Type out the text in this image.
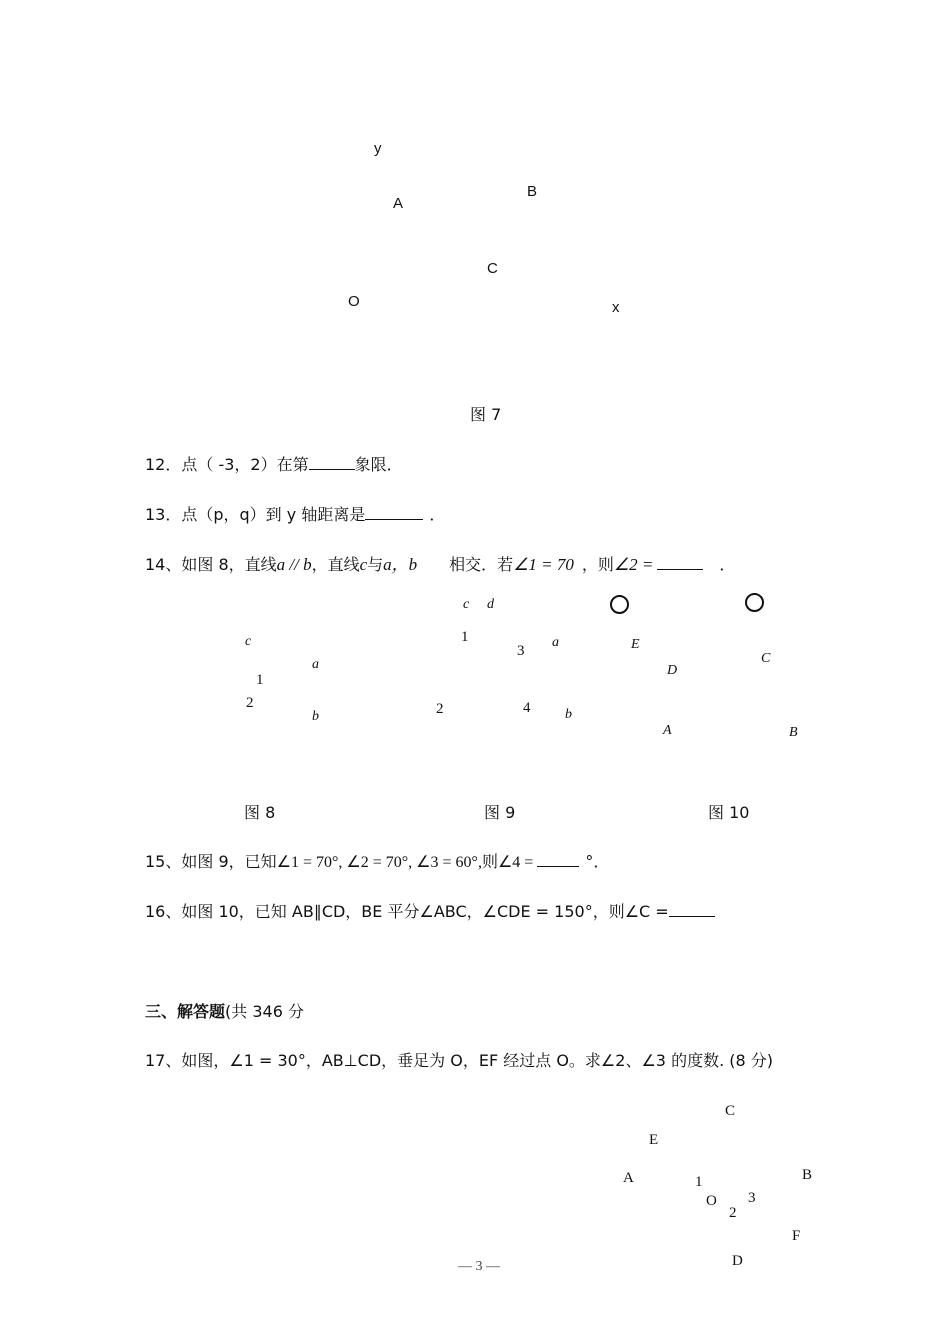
y
A
B
C
O	x
图 7
12．点（ -3，2）在第	象限．
13．点（p，q）到 y 轴距离是	．
14、如图 8，直线a // b，直线c与a，b 相交．若∠1 = 70 ，则∠2 =	．
c
a
1
2
b
图 8
c d
1
3
a
2	4 b
图 9
E
D
C
A	B
图 10
15、如图 9，已知∠1 = 70°, ∠2 = 70°, ∠3 = 60°,则∠4 =	°．
16、如图 10，已知 AB∥CD，BE 平分∠ABC，∠CDE = 150°，则∠C =
三、解答题(共 346 分
17、如图，∠1 = 30°，AB⊥CD，垂足为 O，EF 经过点 O。求∠2、∠3 的度数. (8 分)
C
E
A	1	B
O 3
2
F
D
— 3 —
